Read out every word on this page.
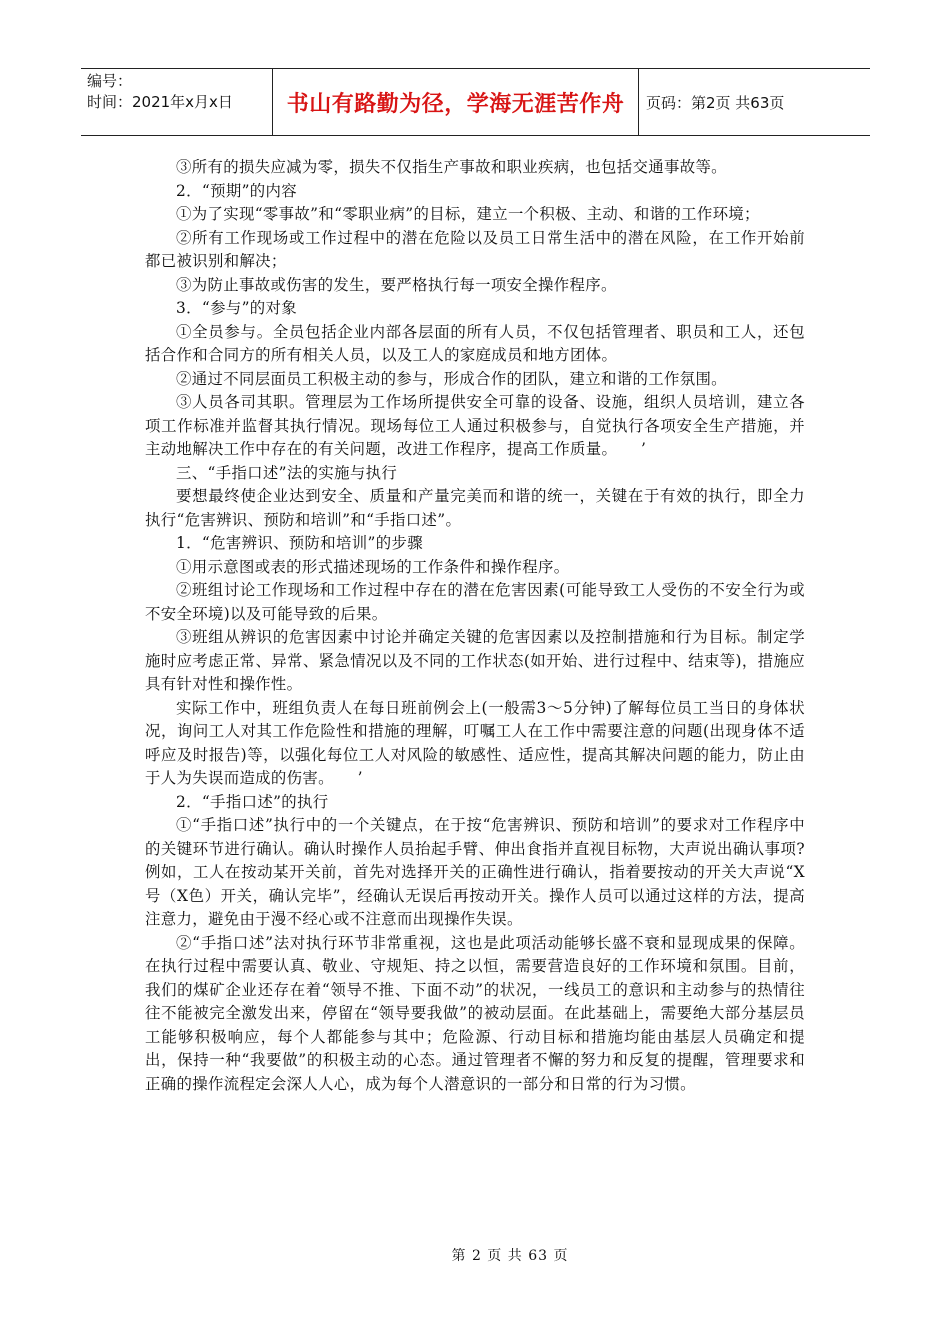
编号：
时间：2021年x月x日	书山有路勤为径，学海无涯苦作舟	页码：第2页 共63页

③所有的损失应减为零，损失不仅指生产事故和职业疾病，也包括交通事故等。

2．“预期”的内容

①为了实现“零事故”和“零职业病”的目标，建立一个积极、主动、和谐的工作环境；

②所有工作现场或工作过程中的潜在危险以及员工日常生活中的潜在风险，在工作开始前都已被识别和解决；

③为防止事故或伤害的发生，要严格执行每一项安全操作程序。

3．“参与”的对象

①全员参与。全员包括企业内部各层面的所有人员，不仅包括管理者、职员和工人，还包括合作和合同方的所有相关人员，以及工人的家庭成员和地方团体。

②通过不同层面员工积极主动的参与，形成合作的团队，建立和谐的工作氛围。

③人员各司其职。管理层为工作场所提供安全可靠的设备、设施，组织人员培训，建立各项工作标准并监督其执行情况。现场每位工人通过积极参与，自觉执行各项安全生产措施，并主动地解决工作中存在的有关问题，改进工作程序，提高工作质量。　　’

三、“手指口述”法的实施与执行

要想最终使企业达到安全、质量和产量完美而和谐的统一，关键在于有效的执行，即全力执行“危害辨识、预防和培训”和“手指口述”。

1．“危害辨识、预防和培训”的步骤

①用示意图或表的形式描述现场的工作条件和操作程序。

②班组讨论工作现场和工作过程中存在的潜在危害因素(可能导致工人受伤的不安全行为或不安全环境)以及可能导致的后果。

③班组从辨识的危害因素中讨论并确定关键的危害因素以及控制措施和行为目标。制定学施时应考虑正常、异常、紧急情况以及不同的工作状态(如开始、进行过程中、结束等)，措施应具有针对性和操作性。

实际工作中，班组负责人在每日班前例会上(一般需3～5分钟)了解每位员工当日的身体状况，询问工人对其工作危险性和措施的理解，叮嘱工人在工作中需要注意的问题(出现身体不适呼应及时报告)等，以强化每位工人对风险的敏感性、适应性，提高其解决问题的能力，防止由于人为失误而造成的伤害。　　’

2．“手指口述”的执行

①“手指口述”执行中的一个关键点，在于按“危害辨识、预防和培训”的要求对工作程序中的关键环节进行确认。确认时操作人员抬起手臂、伸出食指并直视目标物，大声说出确认事项?例如，工人在按动某开关前，首先对选择开关的正确性进行确认，指着要按动的开关大声说“X号（X色）开关，确认完毕”，经确认无误后再按动开关。操作人员可以通过这样的方法，提高注意力，避免由于漫不经心或不注意而出现操作失误。

②“手指口述”法对执行环节非常重视，这也是此项活动能够长盛不衰和显现成果的保障。在执行过程中需要认真、敬业、守规矩、持之以恒，需要营造良好的工作环境和氛围。目前，我们的煤矿企业还存在着“领导不推、下面不动”的状况，一线员工的意识和主动参与的热情往往不能被完全激发出来，停留在“领导要我做”的被动层面。在此基础上，需要绝大部分基层员工能够积极响应，每个人都能参与其中；危险源、行动目标和措施均能由基层人员确定和提出，保持一种“我要做”的积极主动的心态。通过管理者不懈的努力和反复的提醒，管理要求和正确的操作流程定会深人人心，成为每个人潜意识的一部分和日常的行为习惯。

第 2 页 共 63 页
